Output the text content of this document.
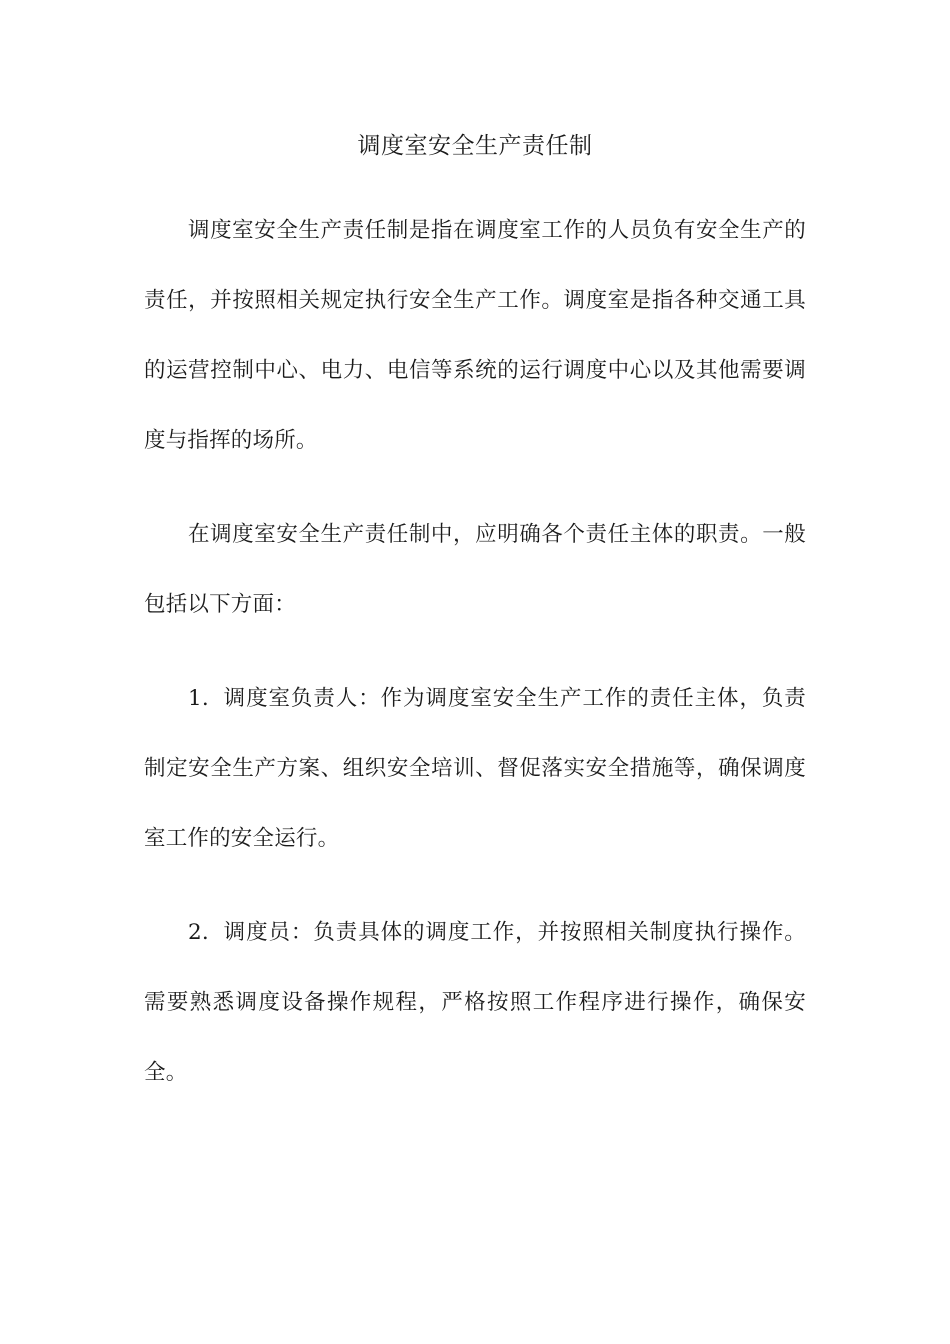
调度室安全生产责任制

调度室安全生产责任制是指在调度室工作的人员负有安全生产的责任，并按照相关规定执行安全生产工作。调度室是指各种交通工具的运营控制中心、电力、电信等系统的运行调度中心以及其他需要调度与指挥的场所。

在调度室安全生产责任制中，应明确各个责任主体的职责。一般包括以下方面：

1. 调度室负责人：作为调度室安全生产工作的责任主体，负责制定安全生产方案、组织安全培训、督促落实安全措施等，确保调度室工作的安全运行。

2. 调度员：负责具体的调度工作，并按照相关制度执行操作。需要熟悉调度设备操作规程，严格按照工作程序进行操作，确保安全。
